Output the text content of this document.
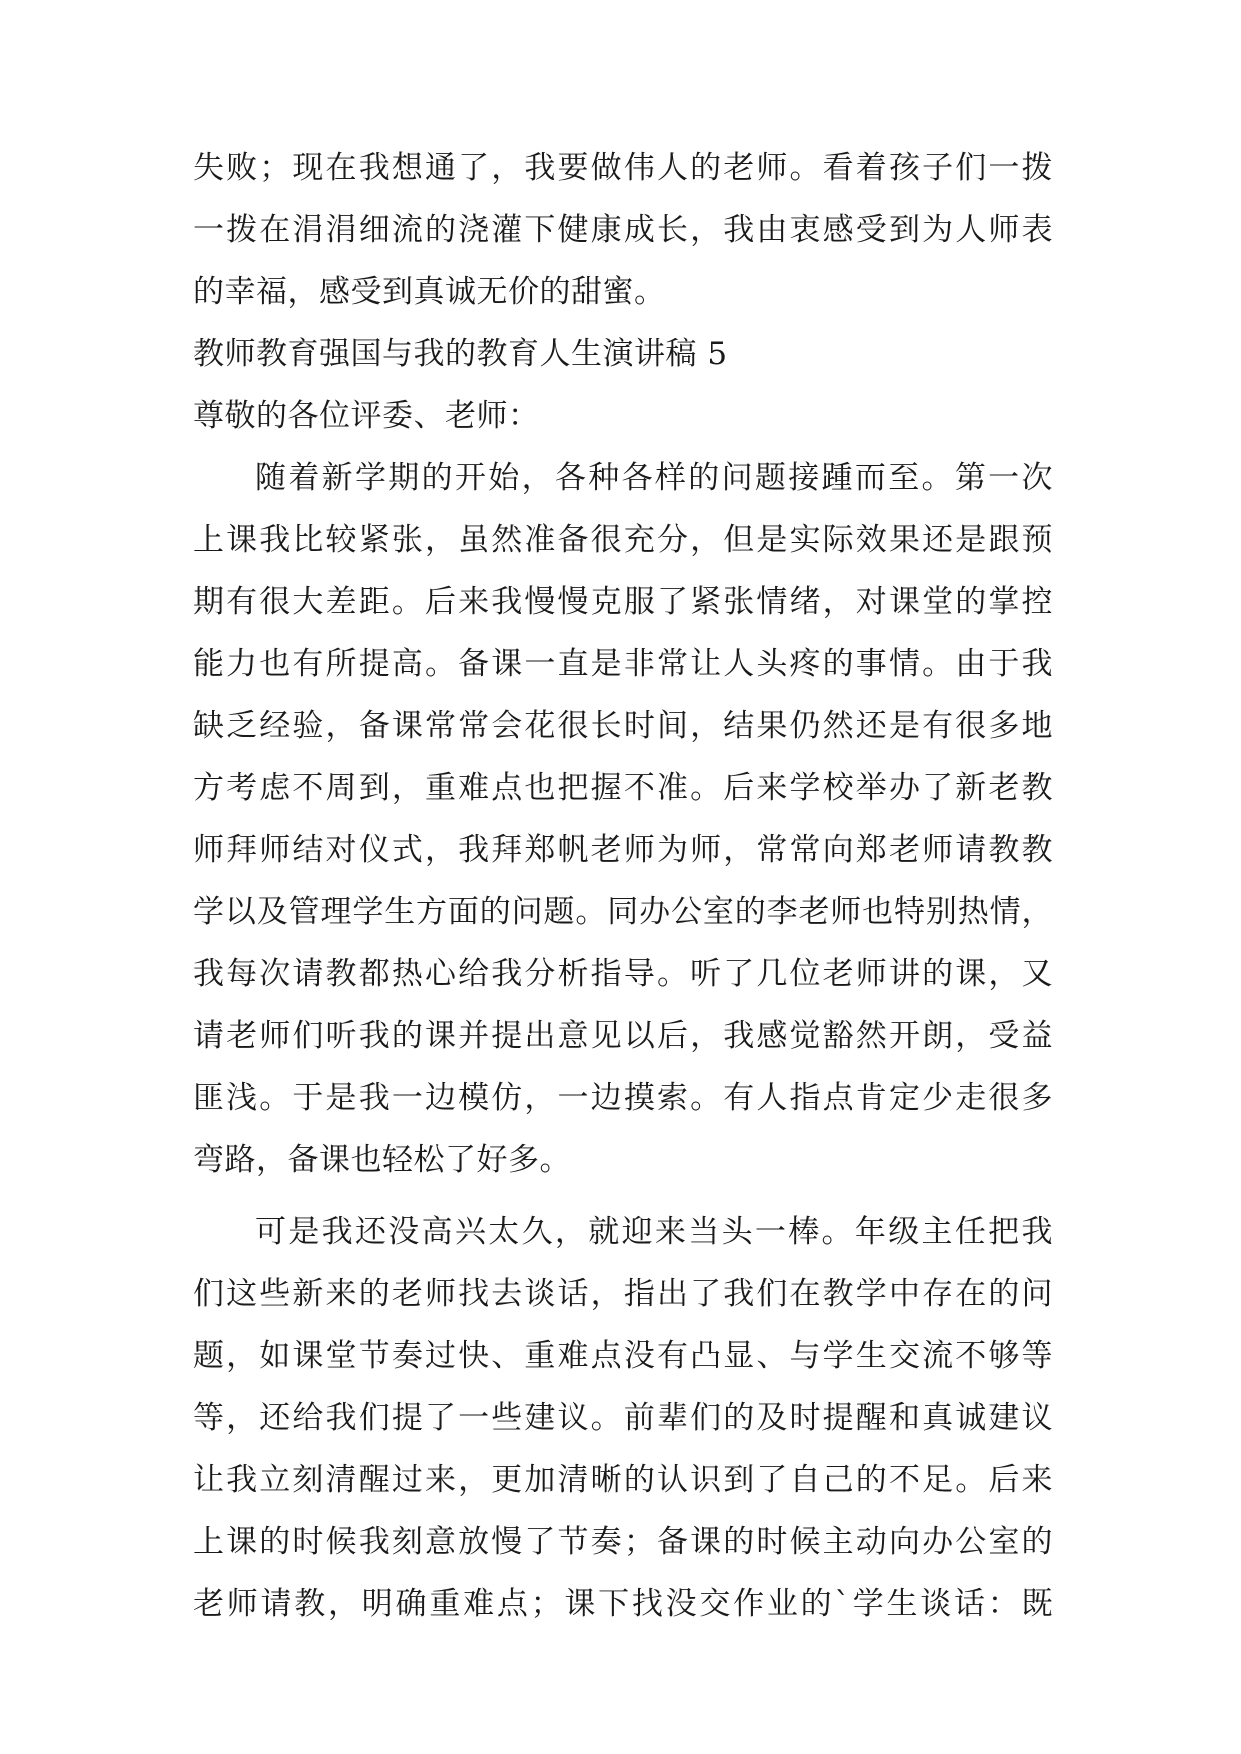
失败；现在我想通了，我要做伟人的老师。看着孩子们一拨
一拨在涓涓细流的浇灌下健康成长，我由衷感受到为人师表
的幸福，感受到真诚无价的甜蜜。
教师教育强国与我的教育人生演讲稿 5
尊敬的各位评委、老师：
随着新学期的开始，各种各样的问题接踵而至。第一次
上课我比较紧张，虽然准备很充分，但是实际效果还是跟预
期有很大差距。后来我慢慢克服了紧张情绪，对课堂的掌控
能力也有所提高。备课一直是非常让人头疼的事情。由于我
缺乏经验，备课常常会花很长时间，结果仍然还是有很多地
方考虑不周到，重难点也把握不准。后来学校举办了新老教
师拜师结对仪式，我拜郑帆老师为师，常常向郑老师请教教
学以及管理学生方面的问题。同办公室的李老师也特别热情，
我每次请教都热心给我分析指导。听了几位老师讲的课，又
请老师们听我的课并提出意见以后，我感觉豁然开朗，受益
匪浅。于是我一边模仿，一边摸索。有人指点肯定少走很多
弯路，备课也轻松了好多。
可是我还没高兴太久，就迎来当头一棒。年级主任把我
们这些新来的老师找去谈话，指出了我们在教学中存在的问
题，如课堂节奏过快、重难点没有凸显、与学生交流不够等
等，还给我们提了一些建议。前辈们的及时提醒和真诚建议
让我立刻清醒过来，更加清晰的认识到了自己的不足。后来
上课的时候我刻意放慢了节奏；备课的时候主动向办公室的
老师请教，明确重难点；课下找没交作业的`学生谈话：既
